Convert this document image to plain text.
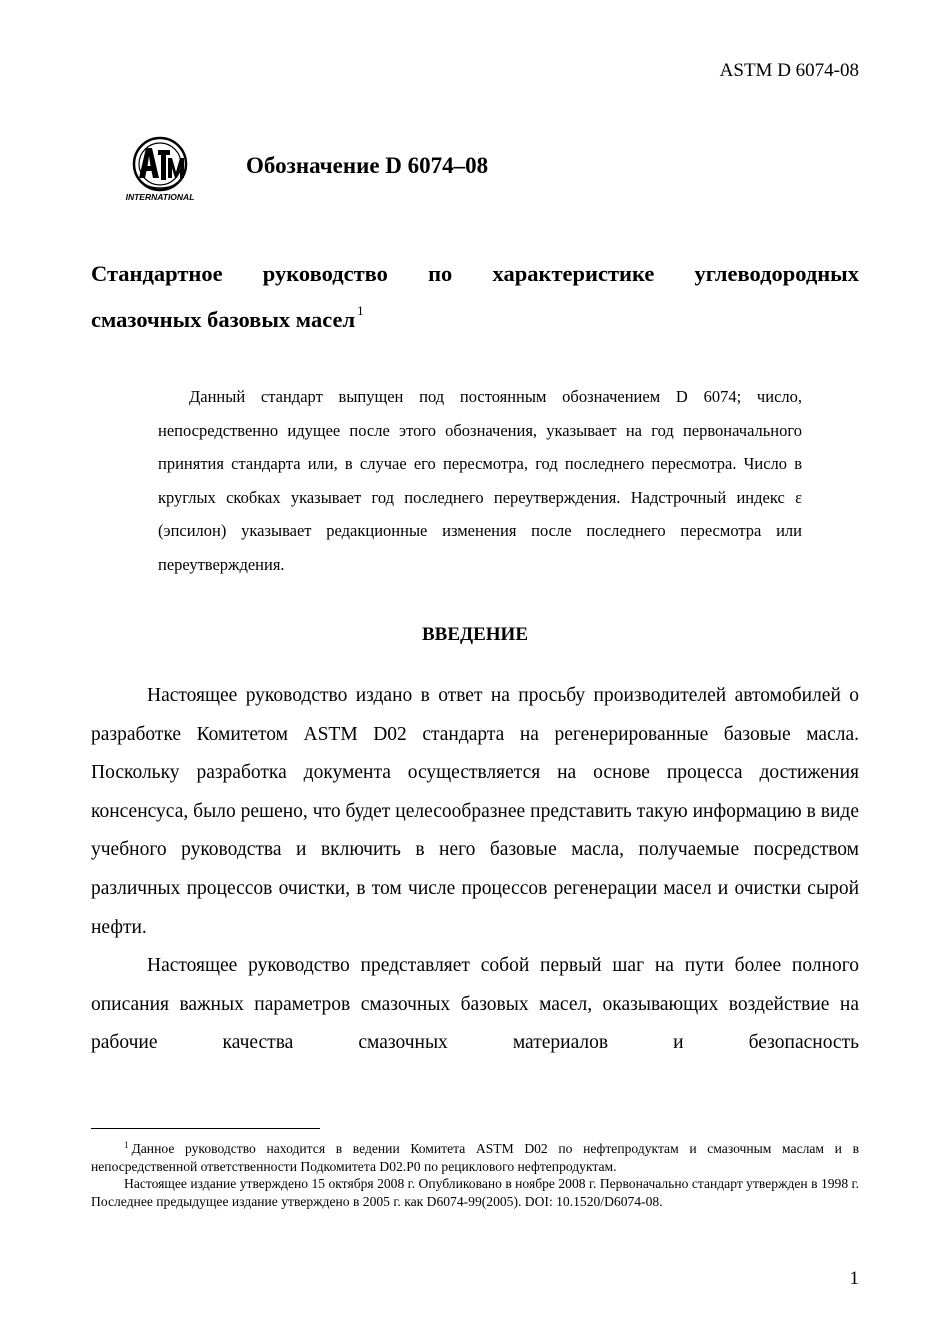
ASTM D 6074-08
INTERNATIONAL
Обозначение D 6074–08
Стандартное руководство по характеристике углеводородных
смазочных базовых масел $^1$

Данный стандарт выпущен под постоянным обозначением D 6074; число, непосредственно идущее после этого обозначения, указывает на год первоначального принятия стандарта или, в случае его пересмотра, год последнего пересмотра. Число в круглых скобках указывает год последнего переутверждения. Надстрочный индекс ε (эпсилон) указывает редакционные изменения после последнего пересмотра или переутверждения.

ВВЕДЕНИЕ

Настоящее руководство издано в ответ на просьбу производителей автомобилей о разработке Комитетом ASTM D02 стандарта на регенерированные базовые масла. Поскольку разработка документа осуществляется на основе процесса достижения консенсуса, было решено, что будет целесообразнее представить такую информацию в виде учебного руководства и включить в него базовые масла, получаемые посредством различных процессов очистки, в том числе процессов регенерации масел и очистки сырой нефти.

Настоящее руководство представляет собой первый шаг на пути более полного описания важных параметров смазочных базовых масел, оказывающих воздействие на рабочие качества смазочных материалов и безопасность

$^1$ Данное руководство находится в ведении Комитета ASTM D02 по нефтепродуктам и смазочным маслам и в непосредственной ответственности Подкомитета D02.P0 по рециклового нефтепродуктам.

Настоящее издание утверждено 15 октября 2008 г. Опубликовано в ноябре 2008 г. Первоначально стандарт утвержден в 1998 г. Последнее предыдущее издание утверждено в 2005 г. как D6074-99(2005). DOI: 10.1520/D6074-08.

1
